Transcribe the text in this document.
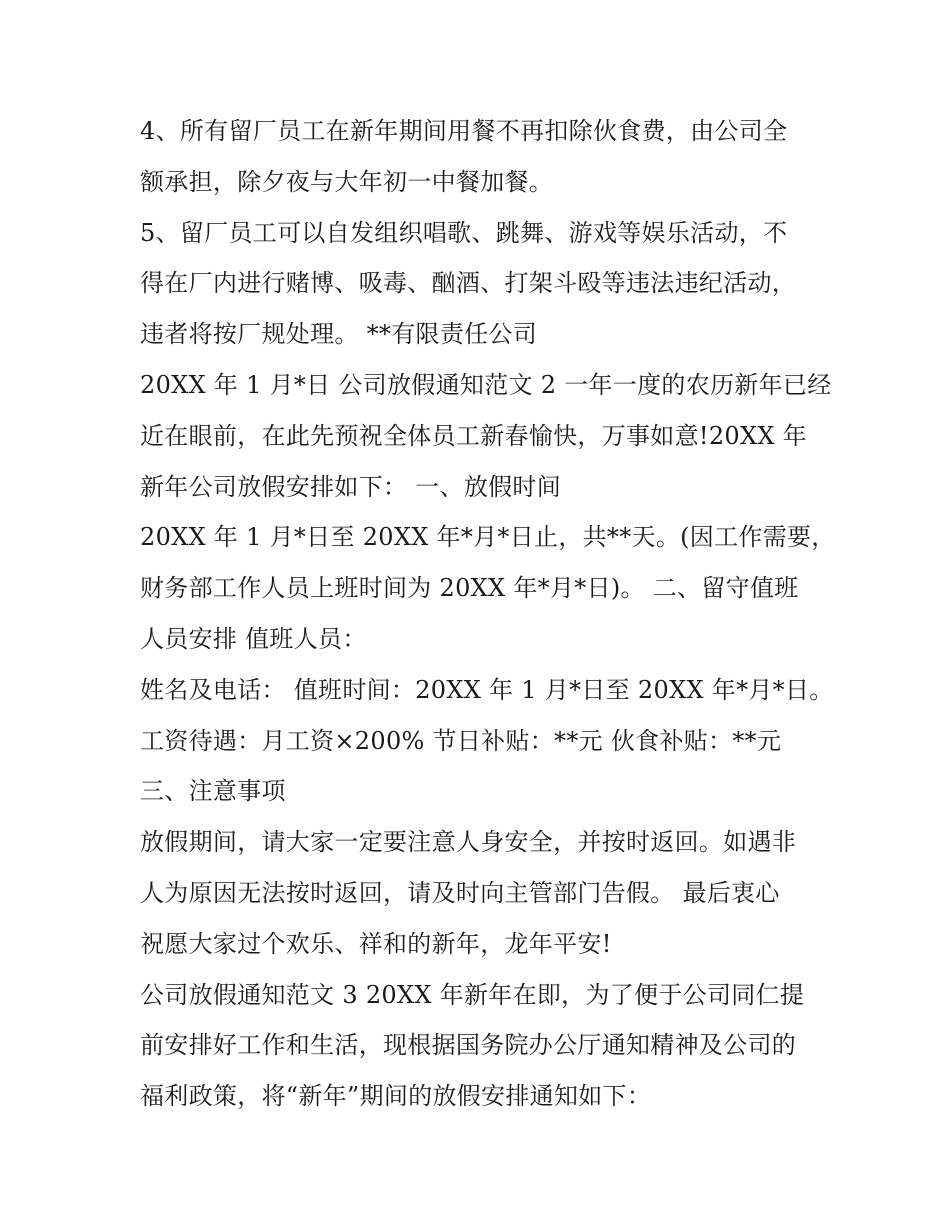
4、所有留厂员工在新年期间用餐不再扣除伙食费，由公司全
额承担，除夕夜与大年初一中餐加餐。
5、留厂员工可以自发组织唱歌、跳舞、游戏等娱乐活动，不
得在厂内进行赌博、吸毒、酗酒、打架斗殴等违法违纪活动，
违者将按厂规处理。 **有限责任公司
20XX 年 1 月*日 公司放假通知范文 2 一年一度的农历新年已经
近在眼前，在此先预祝全体员工新春愉快，万事如意!20XX 年
新年公司放假安排如下： 一、放假时间
20XX 年 1 月*日至 20XX 年*月*日止，共**天。(因工作需要，
财务部工作人员上班时间为 20XX 年*月*日)。 二、留守值班
人员安排 值班人员：
姓名及电话： 值班时间：20XX 年 1 月*日至 20XX 年*月*日。
工资待遇：月工资×200% 节日补贴：**元 伙食补贴：**元
三、注意事项
放假期间，请大家一定要注意人身安全，并按时返回。如遇非
人为原因无法按时返回，请及时向主管部门告假。 最后衷心
祝愿大家过个欢乐、祥和的新年，龙年平安!
公司放假通知范文 3 20XX 年新年在即，为了便于公司同仁提
前安排好工作和生活，现根据国务院办公厅通知精神及公司的
福利政策，将“新年”期间的放假安排通知如下：
